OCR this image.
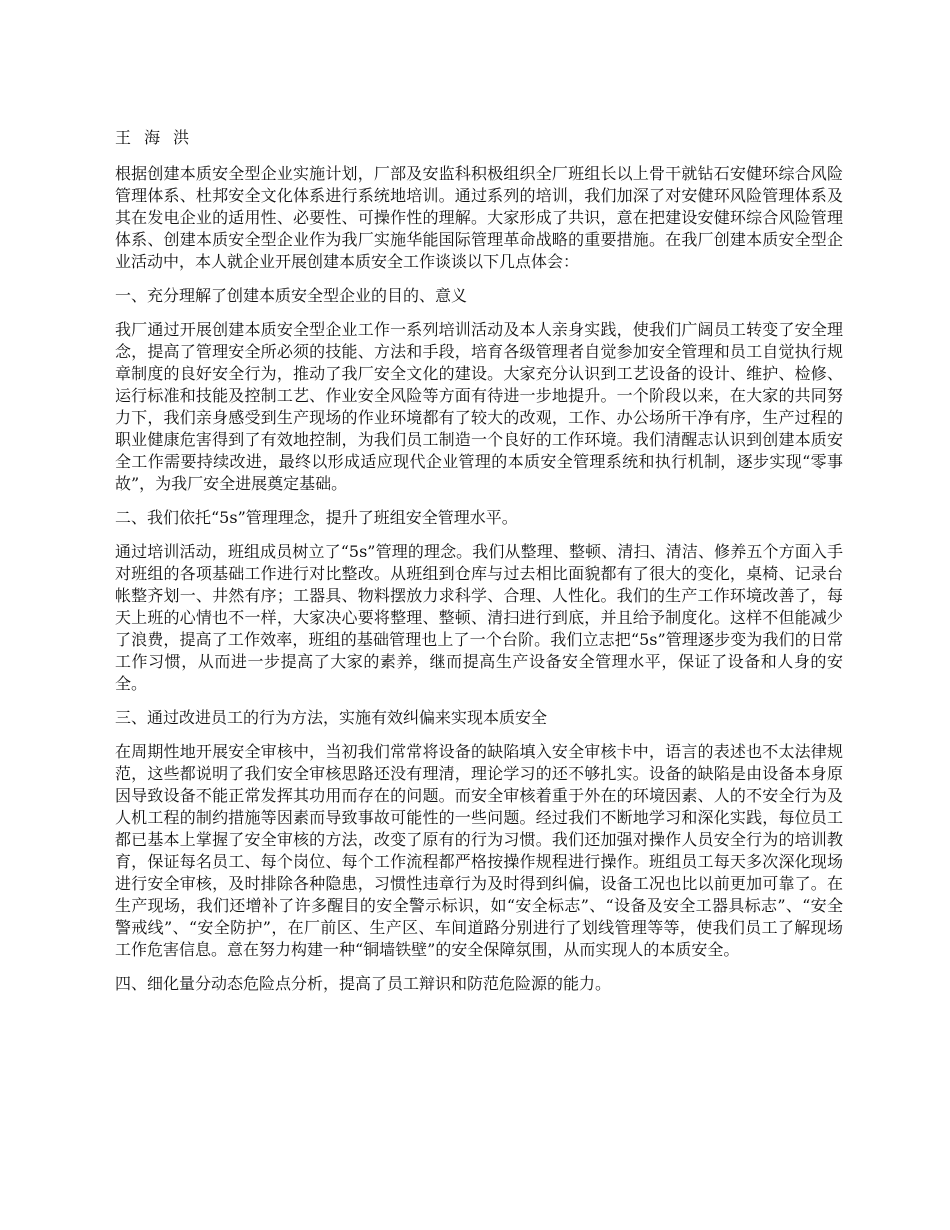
王 海 洪

根据创建本质安全型企业实施计划，厂部及安监科积极组织全厂班组长以上骨干就钻石安健环综合风险管理体系、杜邦安全文化体系进行系统地培训。通过系列的培训，我们加深了对安健环风险管理体系及其在发电企业的适用性、必要性、可操作性的理解。大家形成了共识，意在把建设安健环综合风险管理体系、创建本质安全型企业作为我厂实施华能国际管理革命战略的重要措施。在我厂创建本质安全型企业活动中，本人就企业开展创建本质安全工作谈谈以下几点体会：

一、充分理解了创建本质安全型企业的目的、意义

我厂通过开展创建本质安全型企业工作一系列培训活动及本人亲身实践，使我们广阔员工转变了安全理念，提高了管理安全所必须的技能、方法和手段，培育各级管理者自觉参加安全管理和员工自觉执行规章制度的良好安全行为，推动了我厂安全文化的建设。大家充分认识到工艺设备的设计、维护、检修、运行标准和技能及控制工艺、作业安全风险等方面有待进一步地提升。一个阶段以来，在大家的共同努力下，我们亲身感受到生产现场的作业环境都有了较大的改观，工作、办公场所干净有序，生产过程的职业健康危害得到了有效地控制，为我们员工制造一个良好的工作环境。我们清醒志认识到创建本质安全工作需要持续改进，最终以形成适应现代企业管理的本质安全管理系统和执行机制，逐步实现“零事故”，为我厂安全进展奠定基础。

二、我们依托“5s”管理理念，提升了班组安全管理水平。

通过培训活动，班组成员树立了“5s”管理的理念。我们从整理、整顿、清扫、清洁、修养五个方面入手对班组的各项基础工作进行对比整改。从班组到仓库与过去相比面貌都有了很大的变化，桌椅、记录台帐整齐划一、井然有序；工器具、物料摆放力求科学、合理、人性化。我们的生产工作环境改善了，每天上班的心情也不一样，大家决心要将整理、整顿、清扫进行到底，并且给予制度化。这样不但能减少了浪费，提高了工作效率，班组的基础管理也上了一个台阶。我们立志把“5s”管理逐步变为我们的日常工作习惯，从而进一步提高了大家的素养，继而提高生产设备安全管理水平，保证了设备和人身的安全。

三、通过改进员工的行为方法，实施有效纠偏来实现本质安全

在周期性地开展安全审核中，当初我们常常将设备的缺陷填入安全审核卡中，语言的表述也不太法律规范，这些都说明了我们安全审核思路还没有理清，理论学习的还不够扎实。设备的缺陷是由设备本身原因导致设备不能正常发挥其功用而存在的问题。而安全审核着重于外在的环境因素、人的不安全行为及人机工程的制约措施等因素而导致事故可能性的一些问题。经过我们不断地学习和深化实践，每位员工都已基本上掌握了安全审核的方法，改变了原有的行为习惯。我们还加强对操作人员安全行为的培训教育，保证每名员工、每个岗位、每个工作流程都严格按操作规程进行操作。班组员工每天多次深化现场进行安全审核，及时排除各种隐患，习惯性违章行为及时得到纠偏，设备工况也比以前更加可靠了。在生产现场，我们还增补了许多醒目的安全警示标识，如“安全标志”、“设备及安全工器具标志”、“安全警戒线”、“安全防护”，在厂前区、生产区、车间道路分别进行了划线管理等等，使我们员工了解现场工作危害信息。意在努力构建一种“铜墙铁壁”的安全保障氛围，从而实现人的本质安全。

四、细化量分动态危险点分析，提高了员工辩识和防范危险源的能力。
